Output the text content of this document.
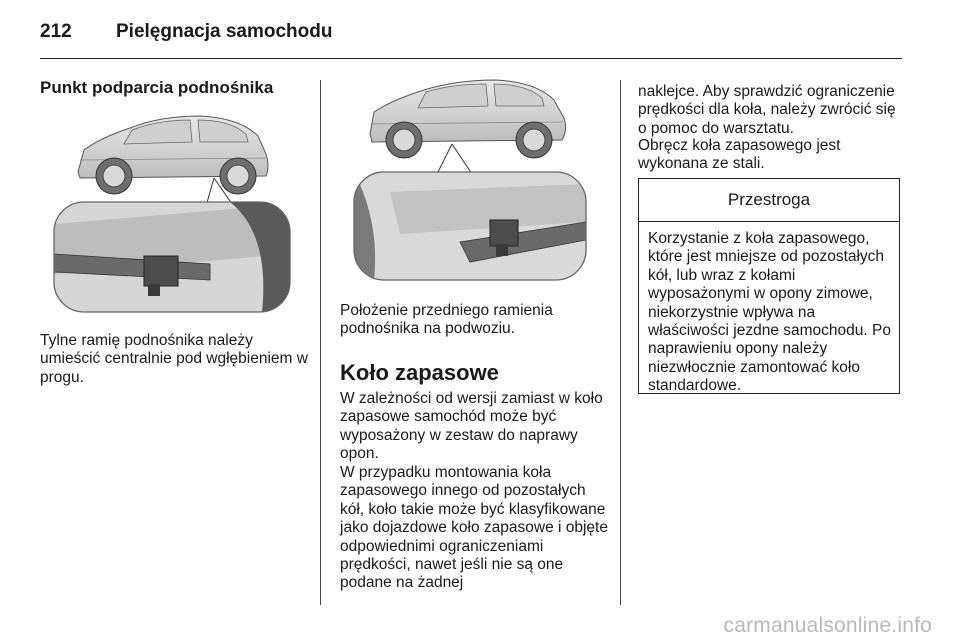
212	Pielęgnacja samochodu
Punkt podparcia podnośnika

Tylne ramię podnośnika należy umieścić centralnie pod wgłębieniem w progu.

Położenie przedniego ramienia podnośnika na podwoziu.

Koło zapasowe

W zależności od wersji zamiast w koło zapasowe samochód może być wyposażony w zestaw do naprawy opon.

W przypadku montowania koła zapasowego innego od pozostałych kół, koło takie może być klasyfikowane jako dojazdowe koło zapasowe i objęte odpowiednimi ograniczeniami prędkości, nawet jeśli nie są one podane na żadnej

naklejce. Aby sprawdzić ograniczenie prędkości dla koła, należy zwrócić się o pomoc do warsztatu.

Obręcz koła zapasowego jest wykonana ze stali.

Przestroga

Korzystanie z koła zapasowego, które jest mniejsze od pozostałych kół, lub wraz z kołami wyposażonymi w opony zimowe, niekorzystnie wpływa na właściwości jezdne samochodu. Po naprawieniu opony należy niezwłocznie zamontować koło standardowe.

carmanualsonline.info
